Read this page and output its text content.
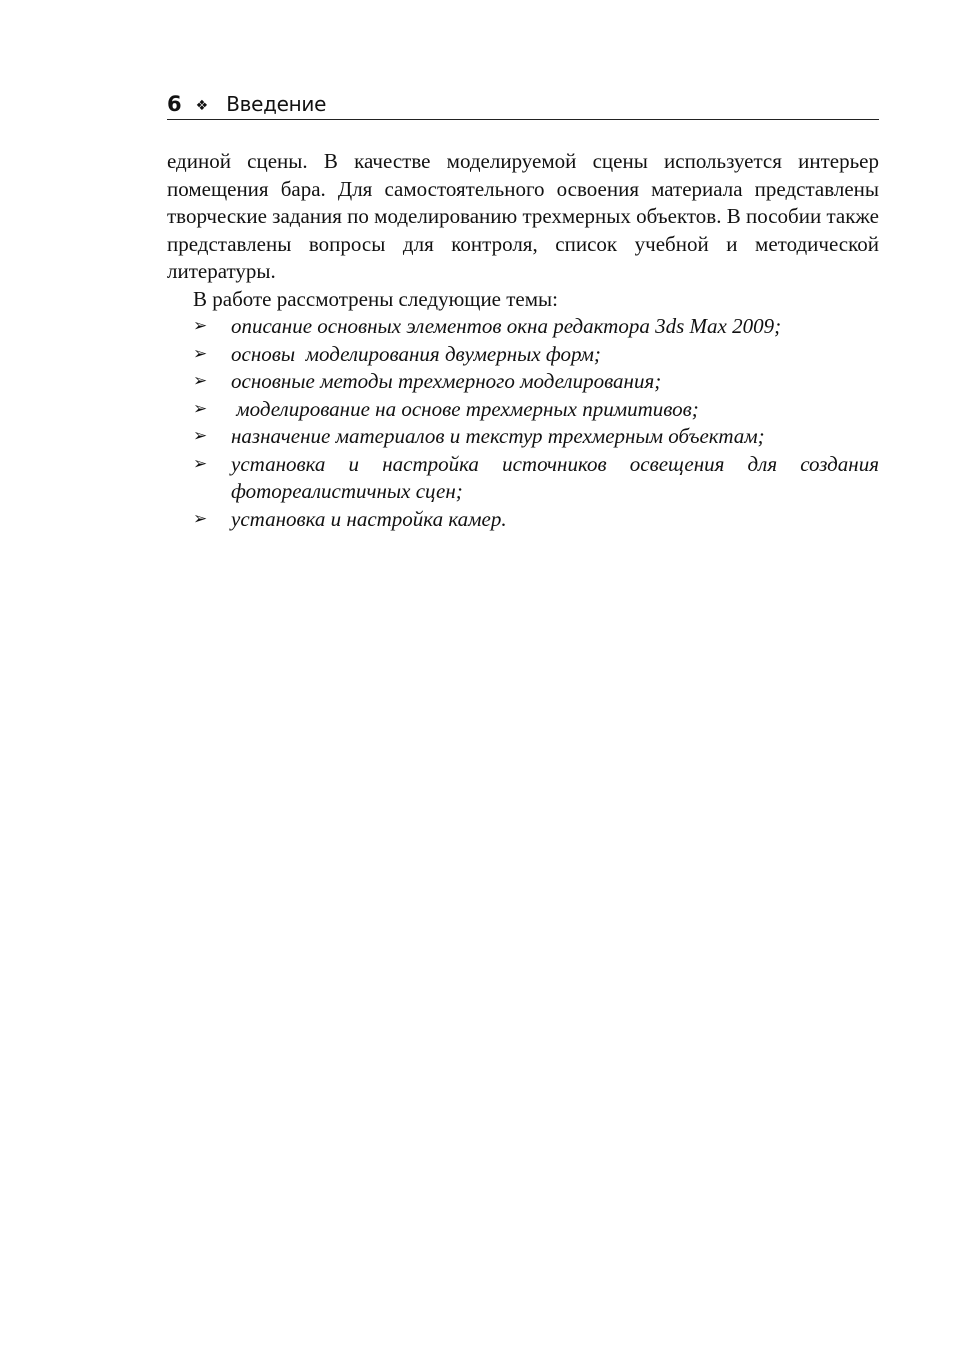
6 ❖ Введение

единой сцены. В качестве моделируемой сцены используется интерьер помещения бара. Для самостоятельного освоения материала представлены творческие задания по моделированию трехмерных объектов. В пособии также представлены вопросы для контроля, список учебной и методической литературы.

В работе рассмотрены следующие темы:

➢	описание основных элементов окна редактора 3ds Max 2009;
➢	основы  моделирования двумерных форм;
➢	основные методы трехмерного моделирования;
➢	моделирование на основе трехмерных примитивов;
➢	назначение материалов и текстур трехмерным объектам;
➢	установка и настройка источников освещения для создания фотореалистичных сцен;
➢	установка и настройка камер.
